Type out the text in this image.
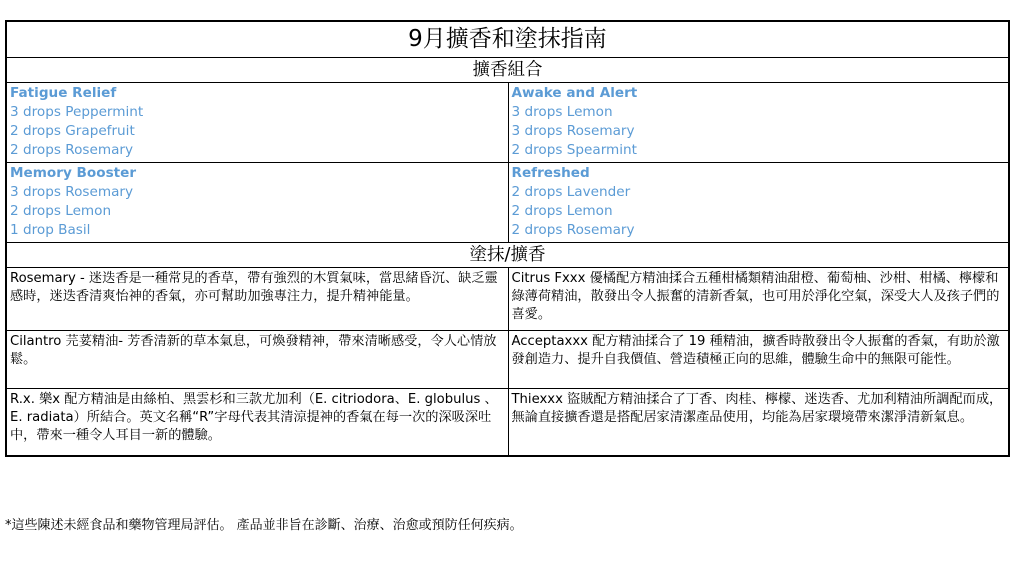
9月擴香和塗抹指南
擴香組合
Fatigue Relief
3 drops Peppermint
2 drops Grapefruit
2 drops Rosemary
Awake and Alert
3 drops Lemon
3 drops Rosemary
2 drops Spearmint
Memory Booster
3 drops Rosemary
2 drops Lemon
1 drop Basil
Refreshed
2 drops Lavender
2 drops Lemon
2 drops Rosemary
塗抹/擴香
Rosemary - 迷迭香是一種常見的香草，帶有強烈的木質氣味，當思緒昏沉、缺乏靈感時，迷迭香清爽怡神的香氣，亦可幫助加強專注力，提升精神能量。
Citrus Fxxx 優橘配方精油揉合五種柑橘類精油甜橙、葡萄柚、沙柑、柑橘、檸檬和綠薄荷精油，散發出令人振奮的清新香氣，也可用於淨化空氣，深受大人及孩子們的喜愛。
Cilantro 芫荽精油- 芳香清新的草本氣息，可煥發精神，帶來清晰感受，令人心情放鬆。
Acceptaxxx 配方精油揉合了 19 種精油，擴香時散發出令人振奮的香氣，有助於激發創造力、提升自我價值、營造積極正向的思維，體驗生命中的無限可能性。
R.x. 樂x 配方精油是由絲柏、黑雲杉和三款尤加利（E. citriodora、E. globulus 、E. radiata）所結合。英文名稱“R”字母代表其清涼提神的香氣在每一次的深吸深吐中，帶來一種令人耳目一新的體驗。
Thiexxx 盜賊配方精油揉合了丁香、肉桂、檸檬、迷迭香、尤加利精油所調配而成，無論直接擴香還是搭配居家清潔產品使用，均能為居家環境帶來潔淨清新氣息。
*這些陳述未經食品和藥物管理局評估。 產品並非旨在診斷、治療、治愈或預防任何疾病。
